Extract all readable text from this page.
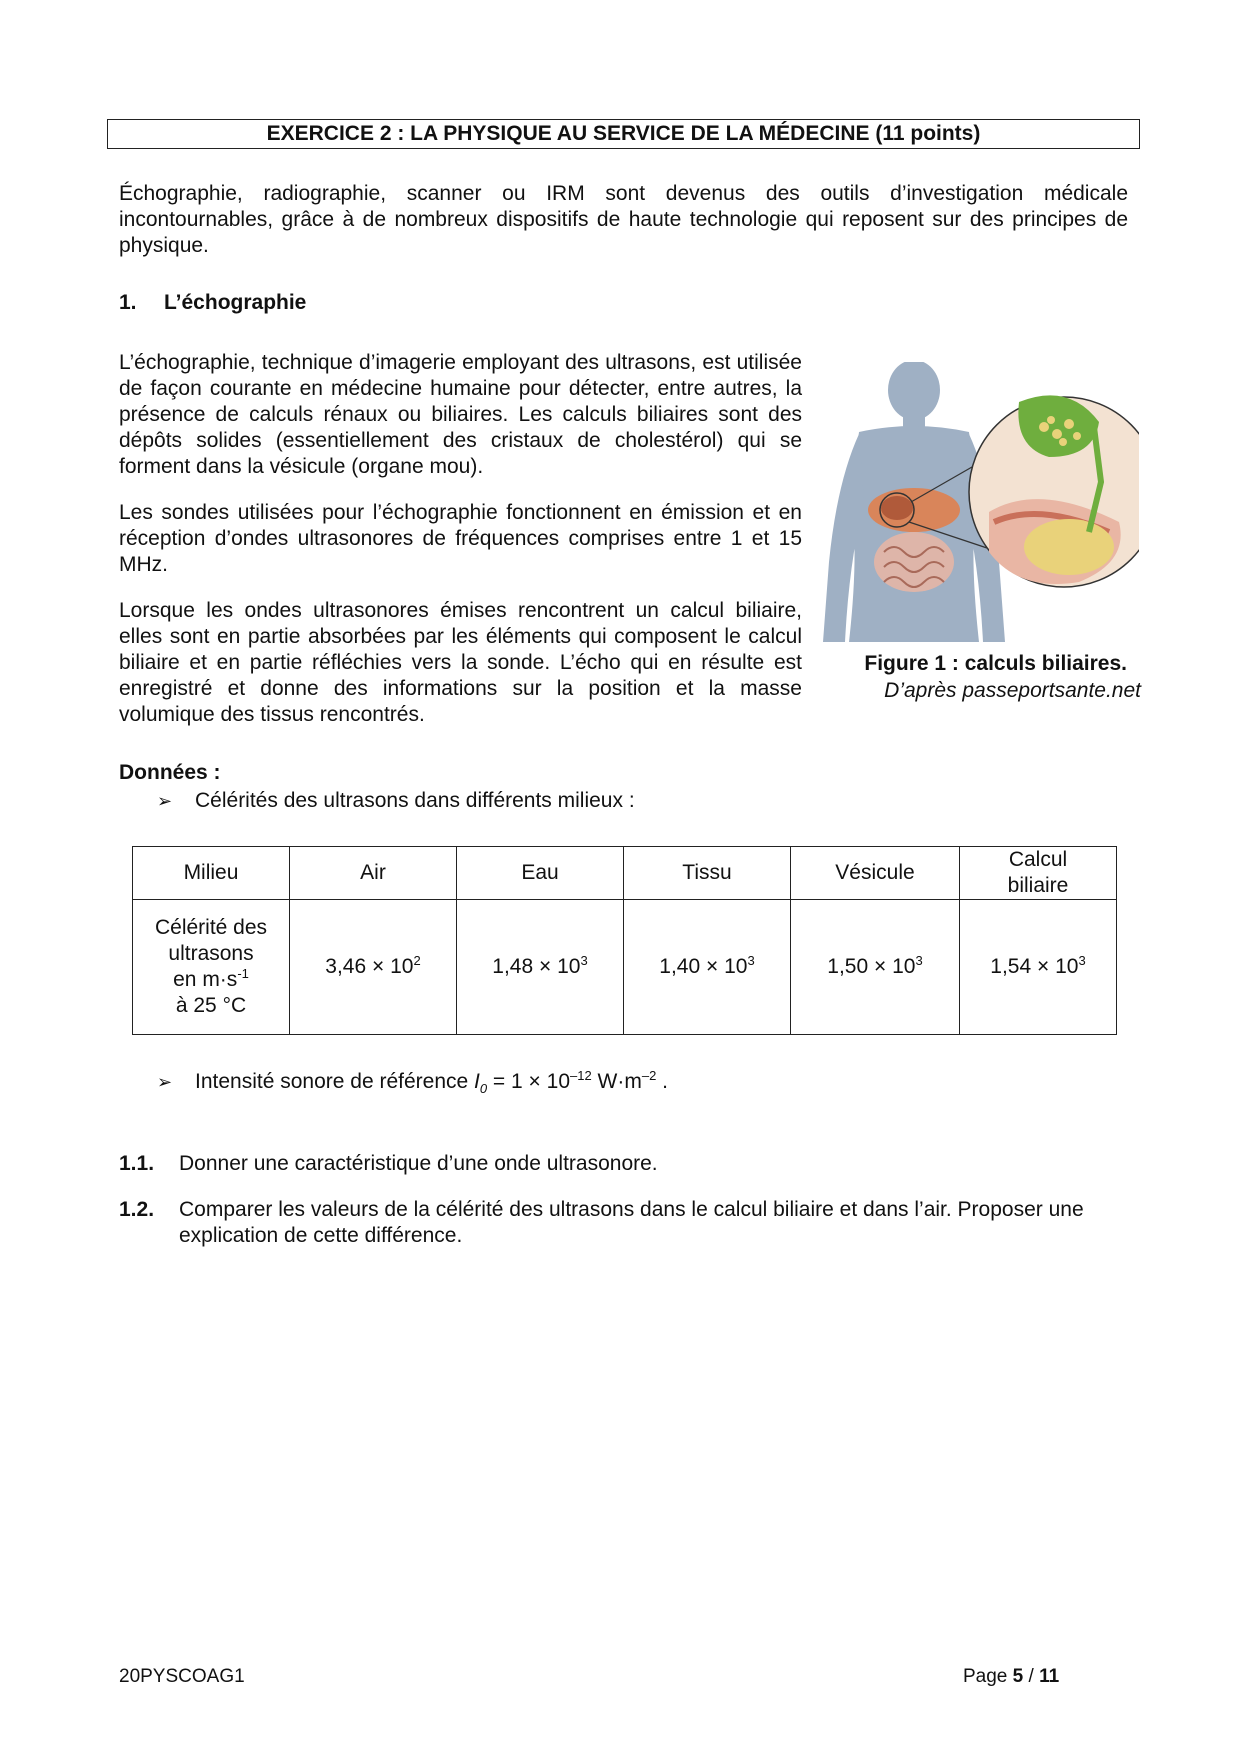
EXERCICE 2 : LA PHYSIQUE AU SERVICE DE LA MÉDECINE (11 points)

Échographie, radiographie, scanner ou IRM sont devenus des outils d’investigation médicale incontournables, grâce à de nombreux dispositifs de haute technologie qui reposent sur des principes de physique.

1. L’échographie

L’échographie, technique d’imagerie employant des ultrasons, est utilisée de façon courante en médecine humaine pour détecter, entre autres, la présence de calculs rénaux ou biliaires. Les calculs biliaires sont des dépôts solides (essentiellement des cristaux de cholestérol) qui se forment dans la vésicule (organe mou).

Les sondes utilisées pour l’échographie fonctionnent en émission et en réception d’ondes ultrasonores de fréquences comprises entre 1 et 15 MHz.

Lorsque les ondes ultrasonores émises rencontrent un calcul biliaire, elles sont en partie absorbées par les éléments qui composent le calcul biliaire et en partie réfléchies vers la sonde. L’écho qui en résulte est enregistré et donne des informations sur la position et la masse volumique des tissus rencontrés.

Figure 1 : calculs biliaires.
D’après passeportsante.net
Données :
➢	Célérités des ultrasons dans différents milieux :
Milieu	Air	Eau	Tissu	Vésicule	Calcul
biliaire
Célérité des
ultrasons
en $m\cdot s^{-1}$
à 25 °C	$3,46 \times 10^2$	$1,48 \times 10^3$	$1,40 \times 10^3$	$1,50 \times 10^3$	$1,54 \times 10^3$
➢	Intensité sonore de référence $I_0 = 1 \times 10^{-12}$ $W\cdot m^{-2}$ .
1.1.	Donner une caractéristique d’une onde ultrasonore.
1.2.	Comparer les valeurs de la célérité des ultrasons dans le calcul biliaire et dans l’air. Proposer une explication de cette différence.
20PYSCOAG1	Page 5 / 11
